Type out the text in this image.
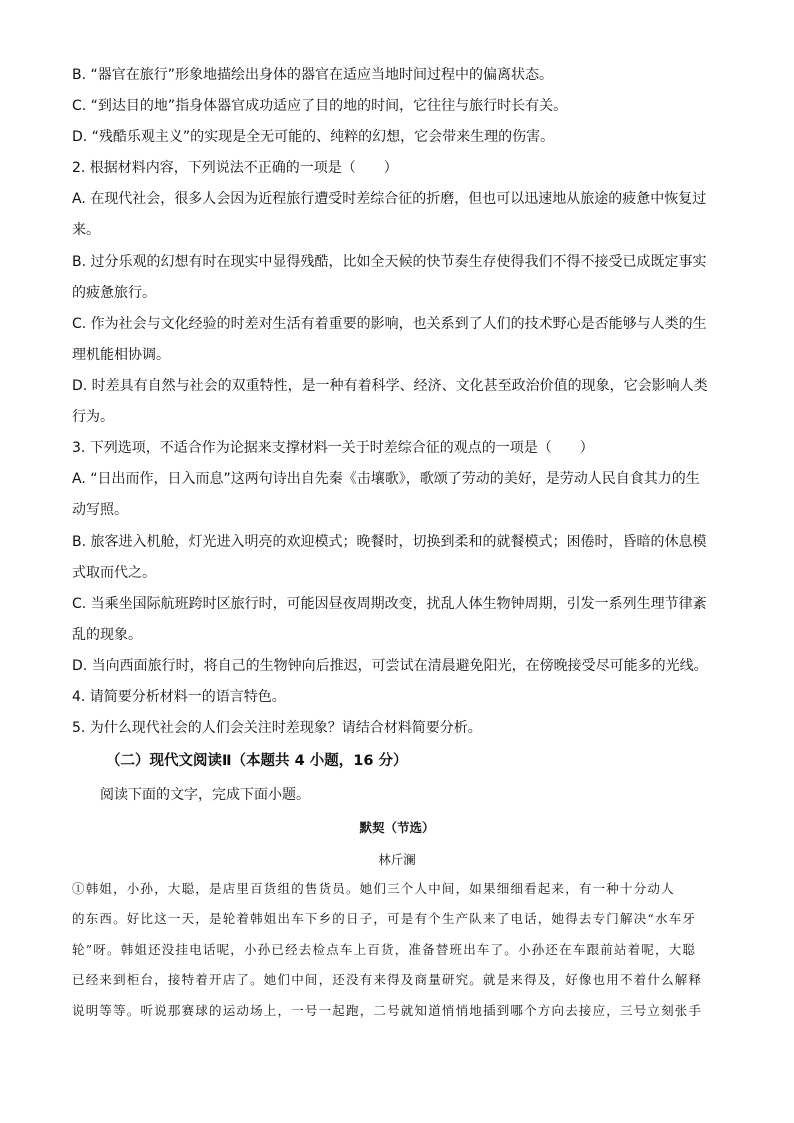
B. “器官在旅行”形象地描绘出身体的器官在适应当地时间过程中的偏离状态。
C. “到达目的地”指身体器官成功适应了目的地的时间，它往往与旅行时长有关。
D. “残酷乐观主义”的实现是全无可能的、纯粹的幻想，它会带来生理的伤害。
2. 根据材料内容，下列说法不正确的一项是（　　）
A. 在现代社会，很多人会因为近程旅行遭受时差综合征的折磨，但也可以迅速地从旅途的疲惫中恢复过
来。
B. 过分乐观的幻想有时在现实中显得残酷，比如全天候的快节奏生存使得我们不得不接受已成既定事实
的疲惫旅行。
C. 作为社会与文化经验的时差对生活有着重要的影响，也关系到了人们的技术野心是否能够与人类的生
理机能相协调。
D. 时差具有自然与社会的双重特性，是一种有着科学、经济、文化甚至政治价值的现象，它会影响人类
行为。
3. 下列选项，不适合作为论据来支撑材料一关于时差综合征的观点的一项是（　　）
A. “日出而作，日入而息”这两句诗出自先秦《击壤歌》，歌颂了劳动的美好，是劳动人民自食其力的生
动写照。
B. 旅客进入机舱，灯光进入明亮的欢迎模式；晚餐时，切换到柔和的就餐模式；困倦时，昏暗的休息模
式取而代之。
C. 当乘坐国际航班跨时区旅行时，可能因昼夜周期改变，扰乱人体生物钟周期，引发一系列生理节律紊
乱的现象。
D. 当向西面旅行时，将自己的生物钟向后推迟，可尝试在清晨避免阳光，在傍晚接受尽可能多的光线。
4. 请简要分析材料一的语言特色。
5. 为什么现代社会的人们会关注时差现象？请结合材料简要分析。
（二）现代文阅读Ⅱ（本题共 4 小题，16 分）
阅读下面的文字，完成下面小题。
默契（节选）
林斤澜
①韩姐，小孙，大聪，是店里百货组的售货员。她们三个人中间，如果细细看起来，有一种十分动人
的东西。好比这一天，是轮着韩姐出车下乡的日子，可是有个生产队来了电话，她得去专门解决“水车牙
轮”呀。韩姐还没挂电话呢，小孙已经去检点车上百货，准备替班出车了。小孙还在车跟前站着呢，大聪
已经来到柜台，接特着开店了。她们中间，还没有来得及商量研究。就是来得及，好像也用不着什么解释
说明等等。听说那赛球的运动场上，一号一起跑，二号就知道悄悄地插到哪个方向去接应，三号立刻张手
